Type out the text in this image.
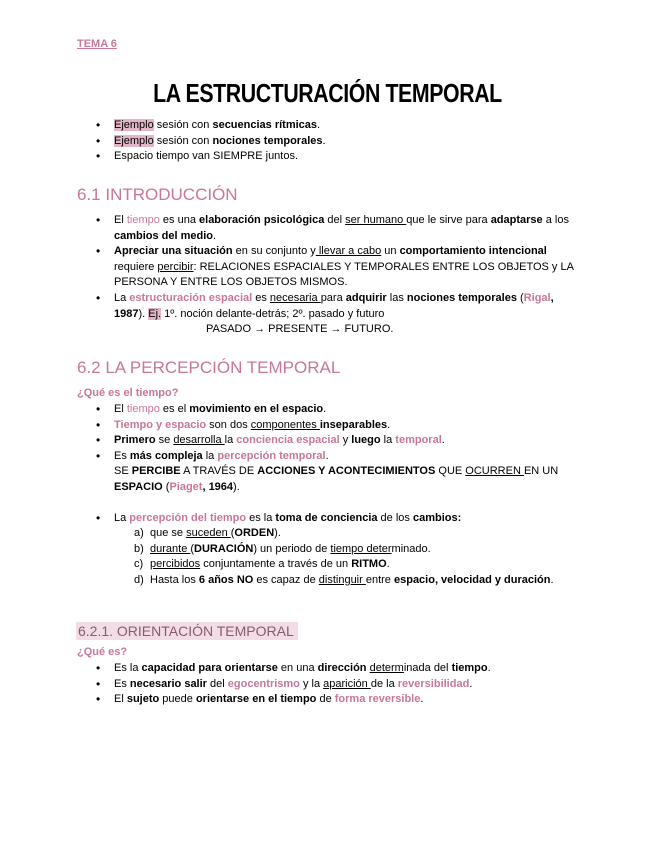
TEMA 6
LA ESTRUCTURACIÓN TEMPORAL
• Ejemplo sesión con secuencias rítmicas.
• Ejemplo sesión con nociones temporales.
• Espacio tiempo van SIEMPRE juntos.
6.1 INTRODUCCIÓN
• El tiempo es una elaboración psicológica del ser humano que le sirve para adaptarse a los cambios del medio.
• Apreciar una situación en su conjunto y llevar a cabo un comportamiento intencional requiere percibir: RELACIONES ESPACIALES Y TEMPORALES ENTRE LOS OBJETOS y LA PERSONA Y ENTRE LOS OBJETOS MISMOS.
• La estructuración espacial es necesaria para adquirir las nociones temporales (Rigal, 1987). Ej. 1º. noción delante-detrás; 2º. pasado y futuro
PASADO → PRESENTE → FUTURO.
6.2 LA PERCEPCIÓN TEMPORAL
¿Qué es el tiempo?
• El tiempo es el movimiento en el espacio.
• Tiempo y espacio son dos componentes inseparables.
• Primero se desarrolla la conciencia espacial y luego la temporal.
• Es más compleja la percepción temporal.
SE PERCIBE A TRAVÉS DE ACCIONES Y ACONTECIMIENTOS QUE OCURREN EN UN ESPACIO (Piaget, 1964).
• La percepción del tiempo es la toma de conciencia de los cambios:
a) que se suceden (ORDEN).
b) durante (DURACIÓN) un periodo de tiempo determinado.
c) percibidos conjuntamente a través de un RITMO.
d) Hasta los 6 años NO es capaz de distinguir entre espacio, velocidad y duración.
6.2.1. ORIENTACIÓN TEMPORAL
¿Qué es?
• Es la capacidad para orientarse en una dirección determinada del tiempo.
• Es necesario salir del egocentrismo y la aparición de la reversibilidad.
• El sujeto puede orientarse en el tiempo de forma reversible.
